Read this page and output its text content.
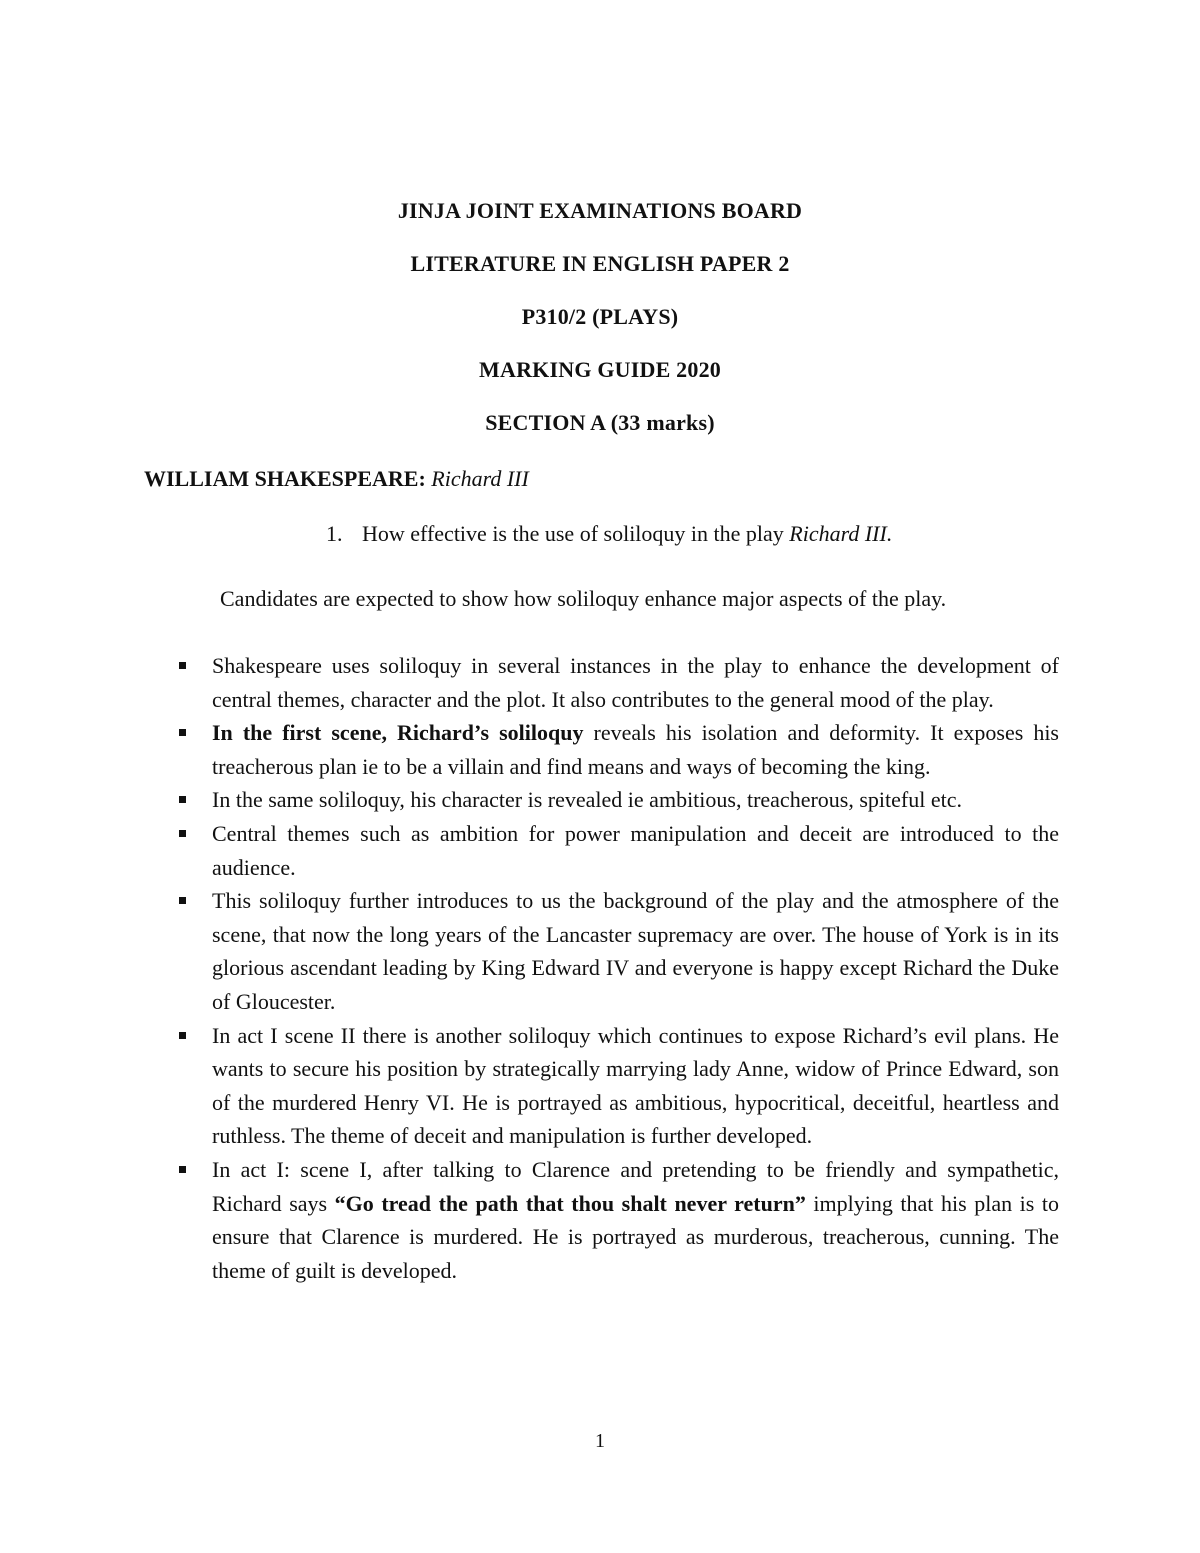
JINJA JOINT EXAMINATIONS BOARD
LITERATURE IN ENGLISH PAPER 2
P310/2 (PLAYS)
MARKING GUIDE 2020
SECTION A (33 marks)
WILLIAM SHAKESPEARE: Richard III
1. How effective is the use of soliloquy in the play Richard III.
Candidates are expected to show how soliloquy enhance major aspects of the play.
Shakespeare uses soliloquy in several instances in the play to enhance the development of central themes, character and the plot. It also contributes to the general mood of the play.
In the first scene, Richard’s soliloquy reveals his isolation and deformity. It exposes his treacherous plan ie to be a villain and find means and ways of becoming the king.
In the same soliloquy, his character is revealed ie ambitious, treacherous, spiteful etc.
Central themes such as ambition for power manipulation and deceit are introduced to the audience.
This soliloquy further introduces to us the background of the play and the atmosphere of the scene, that now the long years of the Lancaster supremacy are over. The house of York is in its glorious ascendant leading by King Edward IV and everyone is happy except Richard the Duke of Gloucester.
In act I scene II there is another soliloquy which continues to expose Richard’s evil plans. He wants to secure his position by strategically marrying lady Anne, widow of Prince Edward, son of the murdered Henry VI. He is portrayed as ambitious, hypocritical, deceitful, heartless and ruthless. The theme of deceit and manipulation is further developed.
In act I: scene I, after talking to Clarence and pretending to be friendly and sympathetic, Richard says “Go tread the path that thou shalt never return” implying that his plan is to ensure that Clarence is murdered. He is portrayed as murderous, treacherous, cunning. The theme of guilt is developed.
1
